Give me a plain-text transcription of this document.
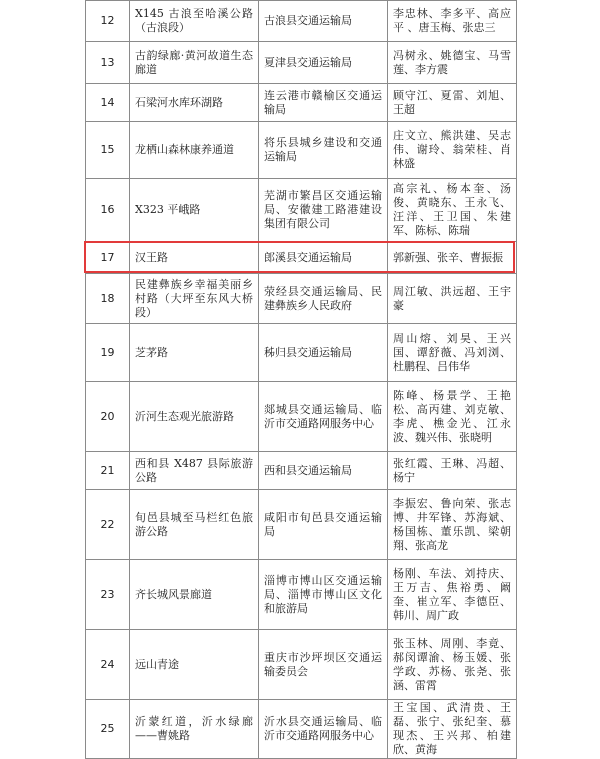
12	X145 古浪至哈溪公路（古浪段）	古浪县交通运输局	李忠林、李多平、高应平 、唐玉梅、张忠三
13	古韵绿廊·黄河故道生态廊道	夏津县交通运输局	冯树永、姚德宝、马雪莲、李方震
14	石梁河水库环湖路	连云港市赣榆区交通运输局	顾守江、夏雷、刘旭、王超
15	龙栖山森林康养通道	将乐县城乡建设和交通运输局	庄文立、熊洪建、吴志伟、谢玲、翁荣桂、肖林盛
16	X323 平峨路	芜湖市繁昌区交通运输局、安徽建工路港建设集团有限公司	高宗礼、杨本奎、汤俊、黄晓东、王永飞、汪洋、王卫国、朱建军、陈标、陈瑞
17	汉王路	郎溪县交通运输局	郭新强、张辛、曹振振
18	民建彝族乡幸福美丽乡村路（大坪至东风大桥段）	荥经县交通运输局、民建彝族乡人民政府	周江敏、洪远超、王宇豪
19	芝茅路	秭归县交通运输局	周山熔、刘昊、王兴国、谭舒薇、冯刘浏、杜鹏程、吕伟华
20	沂河生态观光旅游路	郯城县交通运输局、临沂市交通路网服务中心	陈峰、杨景学、王艳松、高丙建、刘克敏、李虎、樵金光、江永波、魏兴伟、张晓明
21	西和县 X487 县际旅游公路	西和县交通运输局	张红霞、王琳、冯超、杨宁
22	旬邑县城至马栏红色旅游公路	咸阳市旬邑县交通运输局	李振宏、鲁向荣、张志博、井军锋、苏海斌、杨国栋、董乐凯、梁朝翔、张高龙
23	齐长城风景廊道	淄博市博山区交通运输局、淄博市博山区文化和旅游局	杨刚、车法、刘持庆、王万吉、焦裕勇、阚奎、崔立军、李德臣、韩川、周广政
24	远山青途	重庆市沙坪坝区交通运输委员会	张玉林、周刚、李竟、郝闵谭渝、杨玉媛、张学政、苏杨、张尧、张涵、雷霄
25	沂蒙红道，沂水绿廊——曹姚路	沂水县交通运输局、临沂市交通路网服务中心	王宝国、武清贵、王磊、张宁、张纪奎、慕现杰、王兴邦、柏建欣、黄海
